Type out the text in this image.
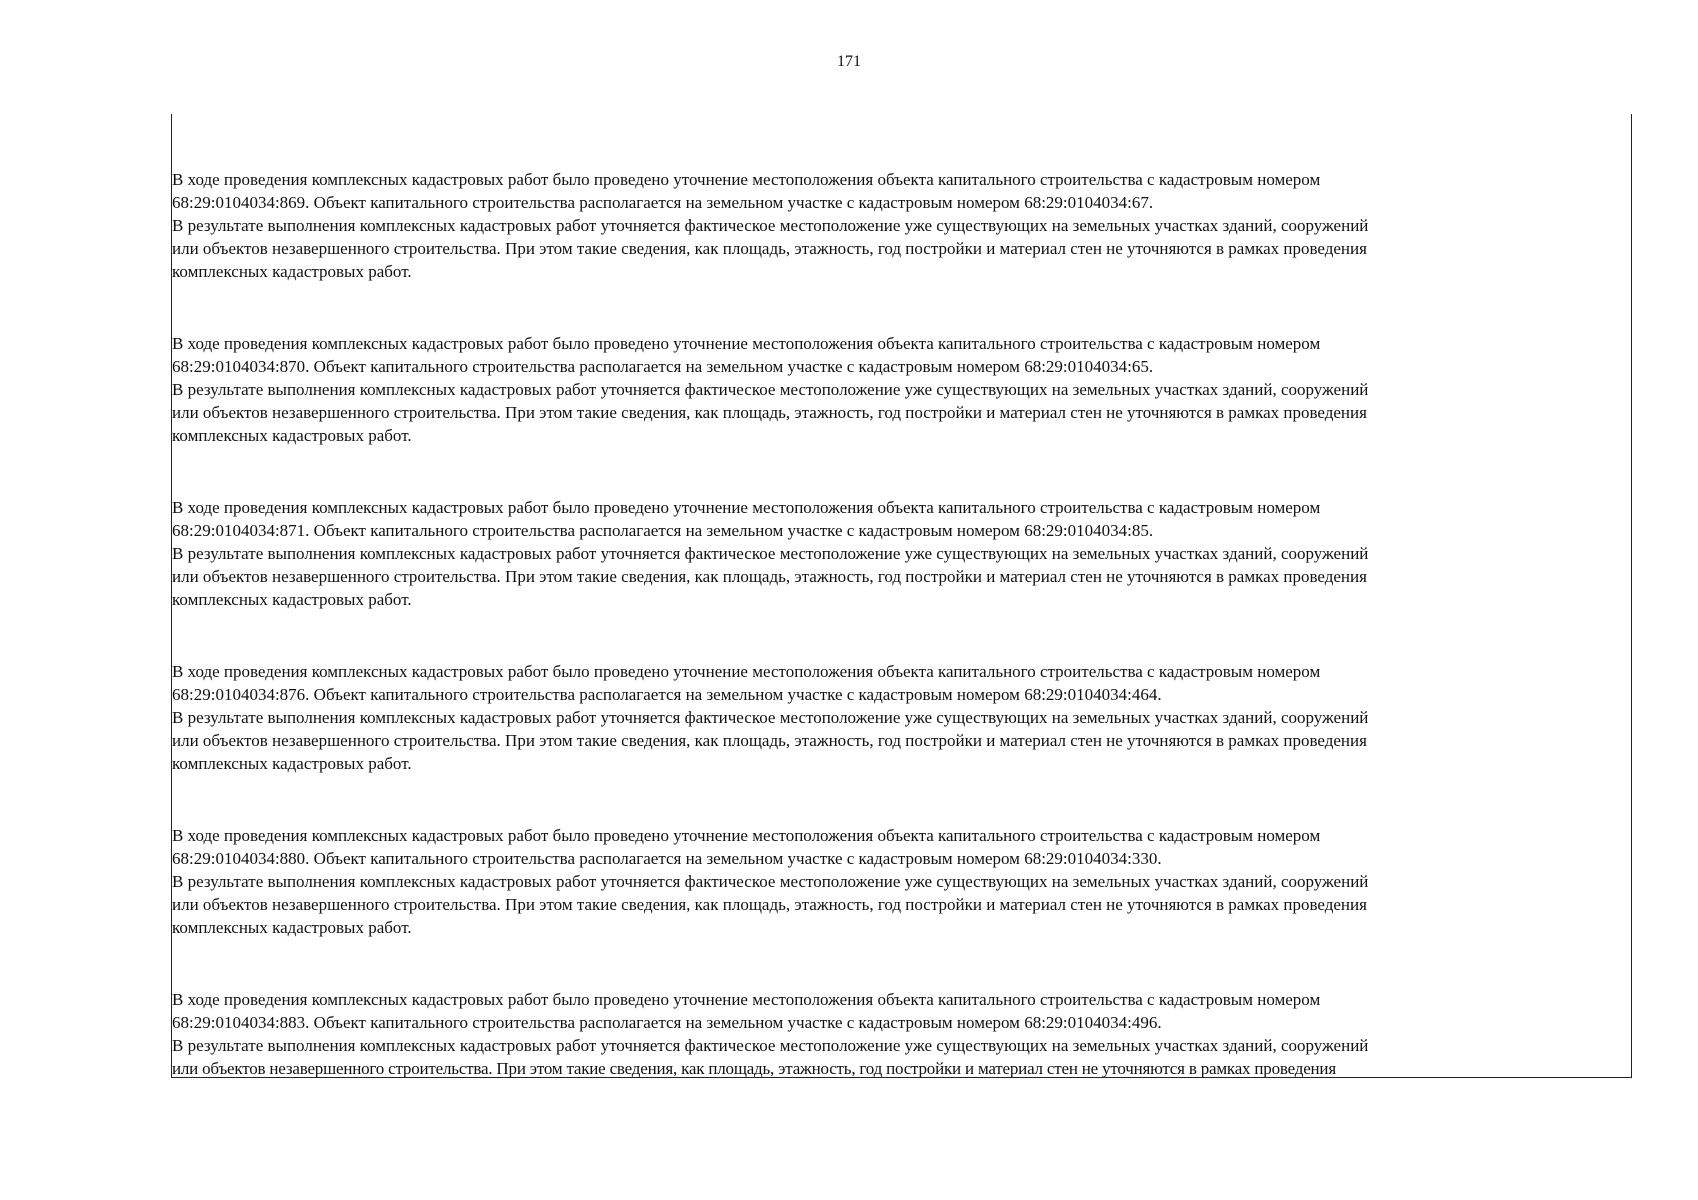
171
В ходе проведения комплексных кадастровых работ было проведено уточнение местоположения объекта капитального строительства с кадастровым номером
68:29:0104034:869. Объект капитального строительства располагается на земельном участке с кадастровым номером 68:29:0104034:67.
В результате выполнения комплексных кадастровых работ уточняется фактическое местоположение уже существующих на земельных участках зданий, сооружений
или объектов незавершенного строительства. При этом такие сведения, как площадь, этажность, год постройки и материал стен не уточняются в рамках проведения
комплексных кадастровых работ.
В ходе проведения комплексных кадастровых работ было проведено уточнение местоположения объекта капитального строительства с кадастровым номером
68:29:0104034:870. Объект капитального строительства располагается на земельном участке с кадастровым номером 68:29:0104034:65.
В результате выполнения комплексных кадастровых работ уточняется фактическое местоположение уже существующих на земельных участках зданий, сооружений
или объектов незавершенного строительства. При этом такие сведения, как площадь, этажность, год постройки и материал стен не уточняются в рамках проведения
комплексных кадастровых работ.
В ходе проведения комплексных кадастровых работ было проведено уточнение местоположения объекта капитального строительства с кадастровым номером
68:29:0104034:871. Объект капитального строительства располагается на земельном участке с кадастровым номером 68:29:0104034:85.
В результате выполнения комплексных кадастровых работ уточняется фактическое местоположение уже существующих на земельных участках зданий, сооружений
или объектов незавершенного строительства. При этом такие сведения, как площадь, этажность, год постройки и материал стен не уточняются в рамках проведения
комплексных кадастровых работ.
В ходе проведения комплексных кадастровых работ было проведено уточнение местоположения объекта капитального строительства с кадастровым номером
68:29:0104034:876. Объект капитального строительства располагается на земельном участке с кадастровым номером 68:29:0104034:464.
В результате выполнения комплексных кадастровых работ уточняется фактическое местоположение уже существующих на земельных участках зданий, сооружений
или объектов незавершенного строительства. При этом такие сведения, как площадь, этажность, год постройки и материал стен не уточняются в рамках проведения
комплексных кадастровых работ.
В ходе проведения комплексных кадастровых работ было проведено уточнение местоположения объекта капитального строительства с кадастровым номером
68:29:0104034:880. Объект капитального строительства располагается на земельном участке с кадастровым номером 68:29:0104034:330.
В результате выполнения комплексных кадастровых работ уточняется фактическое местоположение уже существующих на земельных участках зданий, сооружений
или объектов незавершенного строительства. При этом такие сведения, как площадь, этажность, год постройки и материал стен не уточняются в рамках проведения
комплексных кадастровых работ.
В ходе проведения комплексных кадастровых работ было проведено уточнение местоположения объекта капитального строительства с кадастровым номером
68:29:0104034:883. Объект капитального строительства располагается на земельном участке с кадастровым номером 68:29:0104034:496.
В результате выполнения комплексных кадастровых работ уточняется фактическое местоположение уже существующих на земельных участках зданий, сооружений
или объектов незавершенного строительства. При этом такие сведения, как площадь, этажность, год постройки и материал стен не уточняются в рамках проведения
